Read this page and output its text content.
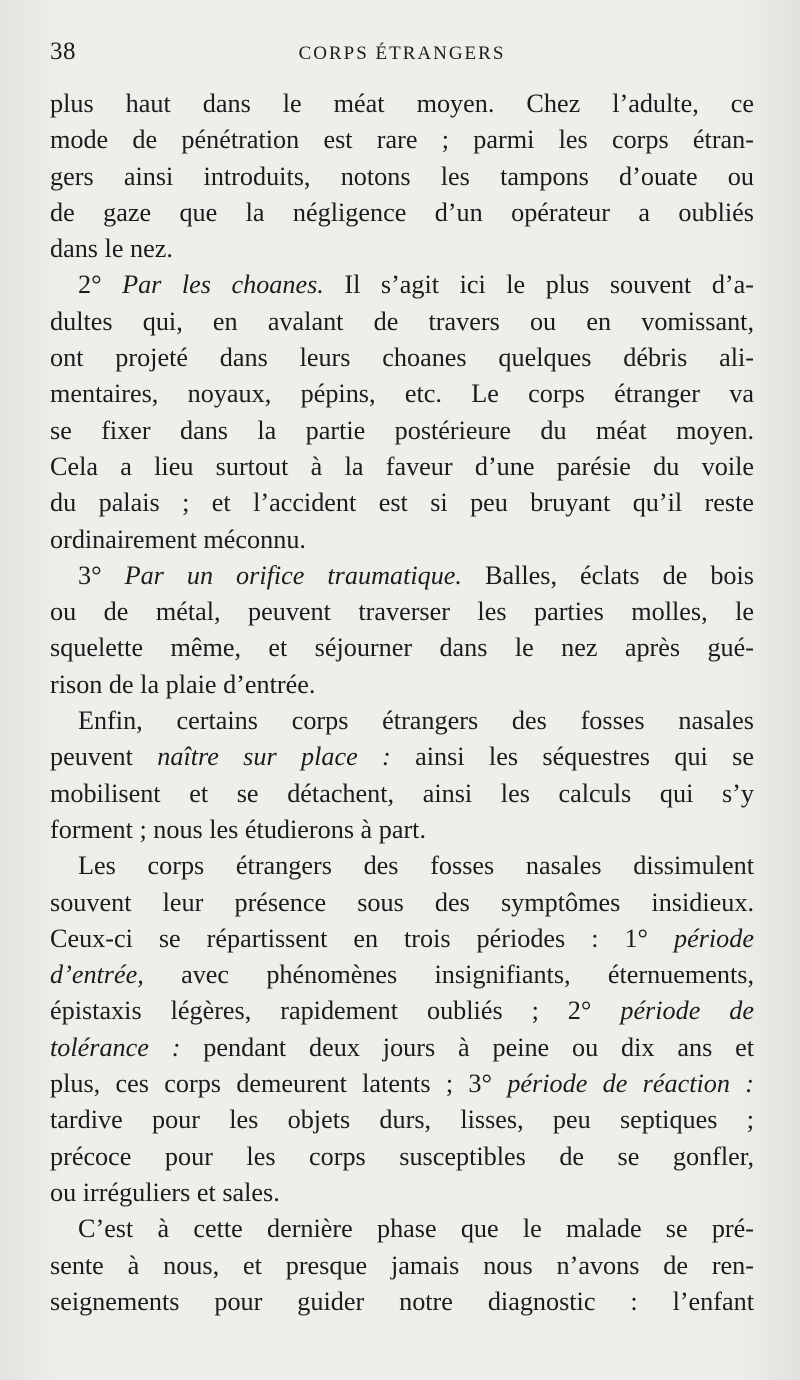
38	CORPS ÉTRANGERS
plus haut dans le méat moyen. Chez l’adulte, ce
mode de pénétration est rare ; parmi les corps étran-
gers ainsi introduits, notons les tampons d’ouate ou
de gaze que la négligence d’un opérateur a oubliés
dans le nez.
2° Par les choanes. Il s’agit ici le plus souvent d’a-
dultes qui, en avalant de travers ou en vomissant,
ont projeté dans leurs choanes quelques débris ali-
mentaires, noyaux, pépins, etc. Le corps étranger va
se fixer dans la partie postérieure du méat moyen.
Cela a lieu surtout à la faveur d’une parésie du voile
du palais ; et l’accident est si peu bruyant qu’il reste
ordinairement méconnu.
3° Par un orifice traumatique. Balles, éclats de bois
ou de métal, peuvent traverser les parties molles, le
squelette même, et séjourner dans le nez après gué-
rison de la plaie d’entrée.
Enfin, certains corps étrangers des fosses nasales
peuvent naître sur place : ainsi les séquestres qui se
mobilisent et se détachent, ainsi les calculs qui s’y
forment ; nous les étudierons à part.
Les corps étrangers des fosses nasales dissimulent
souvent leur présence sous des symptômes insidieux.
Ceux-ci se répartissent en trois périodes : 1° période
d’entrée, avec phénomènes insignifiants, éternuements,
épistaxis légères, rapidement oubliés ; 2° période de
tolérance : pendant deux jours à peine ou dix ans et
plus, ces corps demeurent latents ; 3° période de réaction :
tardive pour les objets durs, lisses, peu septiques ;
précoce pour les corps susceptibles de se gonfler,
ou irréguliers et sales.
C’est à cette dernière phase que le malade se pré-
sente à nous, et presque jamais nous n’avons de ren-
seignements pour guider notre diagnostic : l’enfant
